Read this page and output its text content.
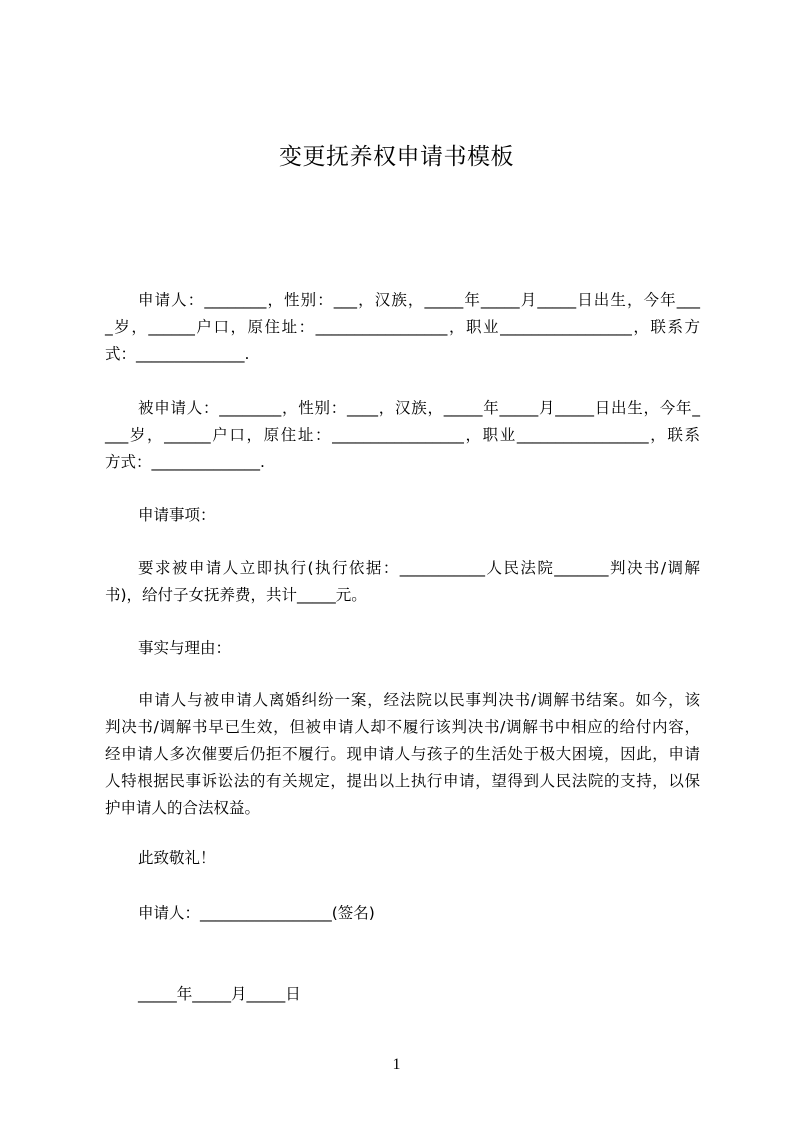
变更抚养权申请书模板
申请人：________，性别：___，汉族，_____年_____月_____日出生，今年___
_岁，______户口，原住址：_________________，职业_________________，联系方
式：______________.
被申请人：________，性别：____，汉族，_____年_____月_____日出生，今年_
___岁，______户口，原住址：_________________，职业_________________，联系
方式：______________.
申请事项：
要求被申请人立即执行(执行依据：___________人民法院_______判决书/调解
书)，给付子女抚养费，共计_____元。
事实与理由：
申请人与被申请人离婚纠纷一案，经法院以民事判决书/调解书结案。如今，该
判决书/调解书早已生效，但被申请人却不履行该判决书/调解书中相应的给付内容，
经申请人多次催要后仍拒不履行。现申请人与孩子的生活处于极大困境，因此，申请
人特根据民事诉讼法的有关规定，提出以上执行申请，望得到人民法院的支持，以保
护申请人的合法权益。
此致敬礼！
申请人：_________________(签名)
_____年_____月_____日
1
